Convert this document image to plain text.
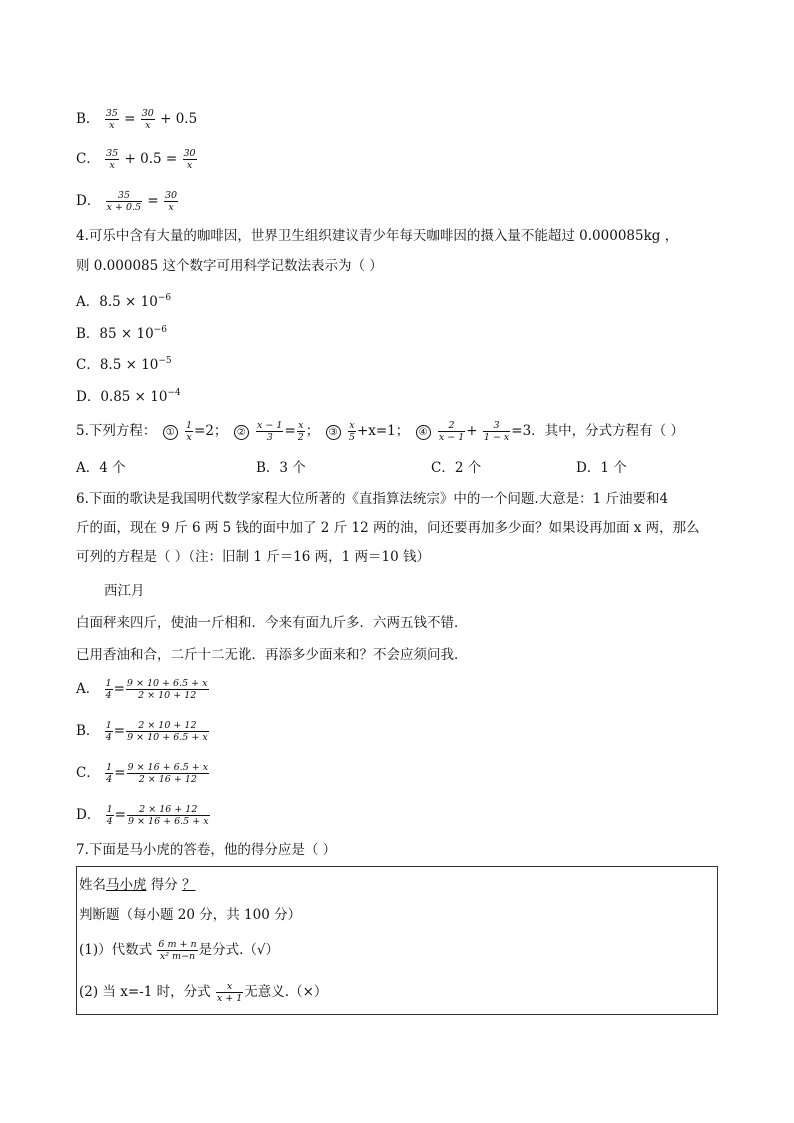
B． $\frac{35}{x} = \frac{30}{x} + 0.5$
C． $\frac{35}{x} + 0.5 = \frac{30}{x}$
D． $\frac{35}{x + 0.5} = \frac{30}{x}$
4.可乐中含有大量的咖啡因，世界卫生组织建议青少年每天咖啡因的摄入量不能超过 0.000085kg ，
则 0.000085 这个数字可用科学记数法表示为（ ）
A．$8.5 \times 10^{-6}$
B．$85 \times 10^{-6}$
C．$8.5 \times 10^{-5}$
D．$0.85 \times 10^{-4}$
5.下列方程： ① $\frac{1}{x} =2$； ② $\frac{x - 1}{3} = \frac{x}{2}$ ； ③ $\frac{x}{5} +x=1$； ④ $\frac{2}{x - 1} + \frac{3}{1 - x} =3$．其中，分式方程有（ ）
A．4 个	B．3 个	C．2 个	D．1 个
6.下面的歌诀是我国明代数学家程大位所著的《直指算法统宗》中的一个问题.大意是：1 斤油要和4
斤的面，现在 9 斤 6 两 5 钱的面中加了 2 斤 12 两的油，问还要再加多少面？如果设再加面 x 两，那么
可列的方程是（ ）（注：旧制 1 斤＝16 两，1 两＝10 钱）
西江月
白面秤来四斤，使油一斤相和．今来有面九斤多．六两五钱不错．
已用香油和合，二斤十二无讹．再添多少面来和？不会应须问我．
A． $\frac{1}{4} = \frac{9 \times 10 + 6.5 + x}{2 \times 10 + 12}$
B． $\frac{1}{4} = \frac{2 \times 10 + 12}{9 \times 10 + 6.5 + x}$
C． $\frac{1}{4} = \frac{9 \times 16 + 6.5 + x}{2 \times 16 + 12}$
D． $\frac{1}{4} = \frac{2 \times 16 + 12}{9 \times 16 + 6.5 + x}$
7.下面是马小虎的答卷，他的得分应是（ ）
姓名马小虎 得分 ？
判断题（每小题 20 分，共 100 分）
(1)）代数式 $\frac{6 m + n}{\text{x² m−n}}$ 是分式.（√）
(2) 当 x=-1 时，分式 $\frac{x}{x + 1}$ 无意义.（×）
